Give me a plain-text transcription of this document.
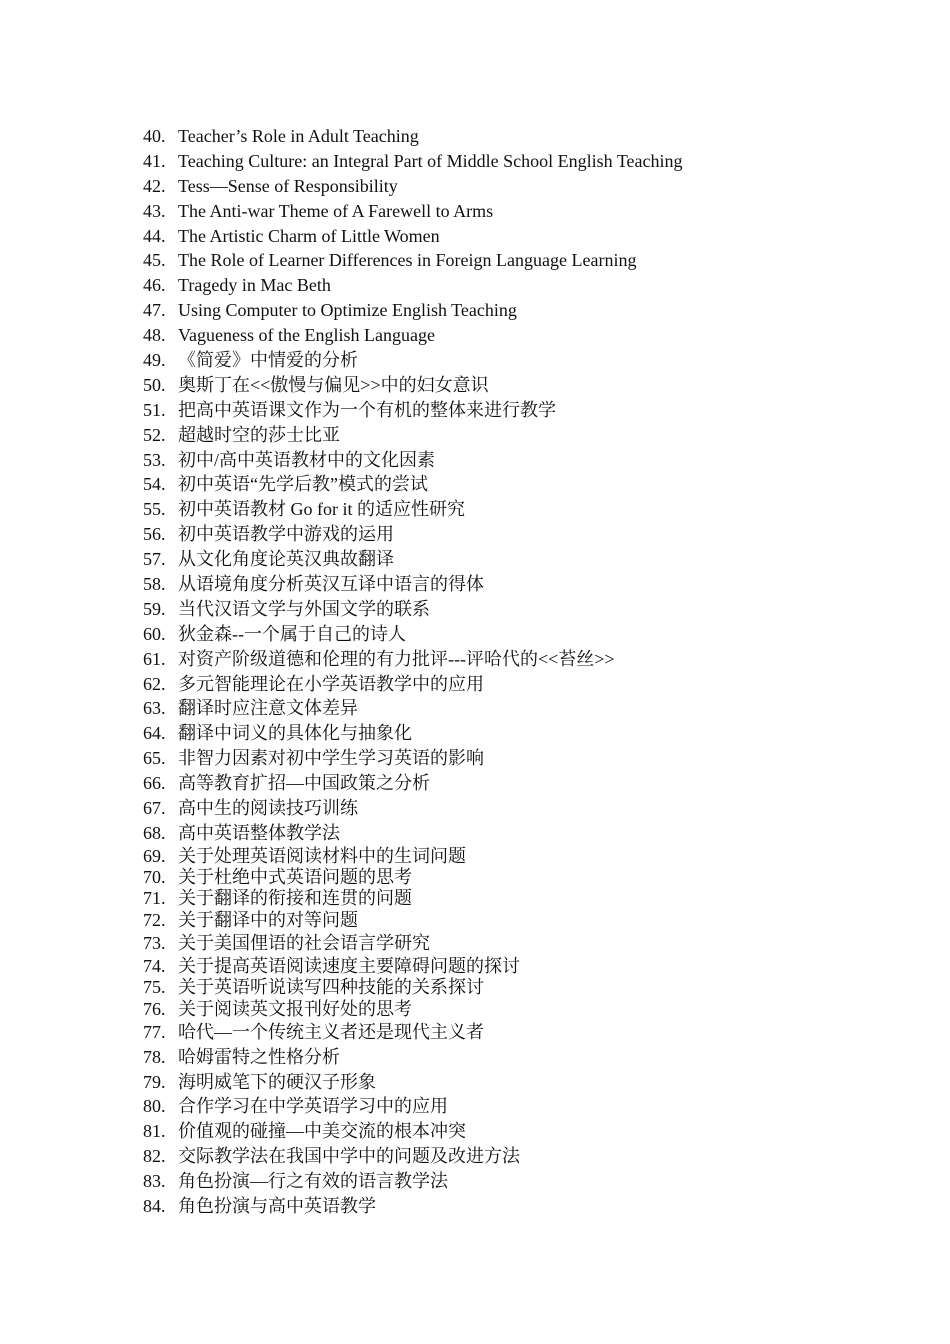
40. Teacher’s Role in Adult Teaching
41. Teaching Culture: an Integral Part of Middle School English Teaching
42. Tess—Sense of Responsibility
43. The Anti-war Theme of A Farewell to Arms
44. The Artistic Charm of Little Women
45. The Role of Learner Differences in Foreign Language Learning
46. Tragedy in Mac Beth
47. Using Computer to Optimize English Teaching
48. Vagueness of the English Language
49. 《简爱》中情爱的分析
50. 奥斯丁在<<傲慢与偏见>>中的妇女意识
51. 把高中英语课文作为一个有机的整体来进行教学
52. 超越时空的莎士比亚
53. 初中/高中英语教材中的文化因素
54. 初中英语“先学后教”模式的尝试
55. 初中英语教材 Go for it 的适应性研究
56. 初中英语教学中游戏的运用
57. 从文化角度论英汉典故翻译
58. 从语境角度分析英汉互译中语言的得体
59. 当代汉语文学与外国文学的联系
60. 狄金森--一个属于自己的诗人
61. 对资产阶级道德和伦理的有力批评---评哈代的<<苔丝>>
62. 多元智能理论在小学英语教学中的应用
63. 翻译时应注意文体差异
64. 翻译中词义的具体化与抽象化
65. 非智力因素对初中学生学习英语的影响
66. 高等教育扩招—中国政策之分析
67. 高中生的阅读技巧训练
68. 高中英语整体教学法
69. 关于处理英语阅读材料中的生词问题
70. 关于杜绝中式英语问题的思考
71. 关于翻译的衔接和连贯的问题
72. 关于翻译中的对等问题
73. 关于美国俚语的社会语言学研究
74. 关于提高英语阅读速度主要障碍问题的探讨
75. 关于英语听说读写四种技能的关系探讨
76. 关于阅读英文报刊好处的思考
77. 哈代—一个传统主义者还是现代主义者
78. 哈姆雷特之性格分析
79. 海明威笔下的硬汉子形象
80. 合作学习在中学英语学习中的应用
81. 价值观的碰撞—中美交流的根本冲突
82. 交际教学法在我国中学中的问题及改进方法
83. 角色扮演—行之有效的语言教学法
84. 角色扮演与高中英语教学
